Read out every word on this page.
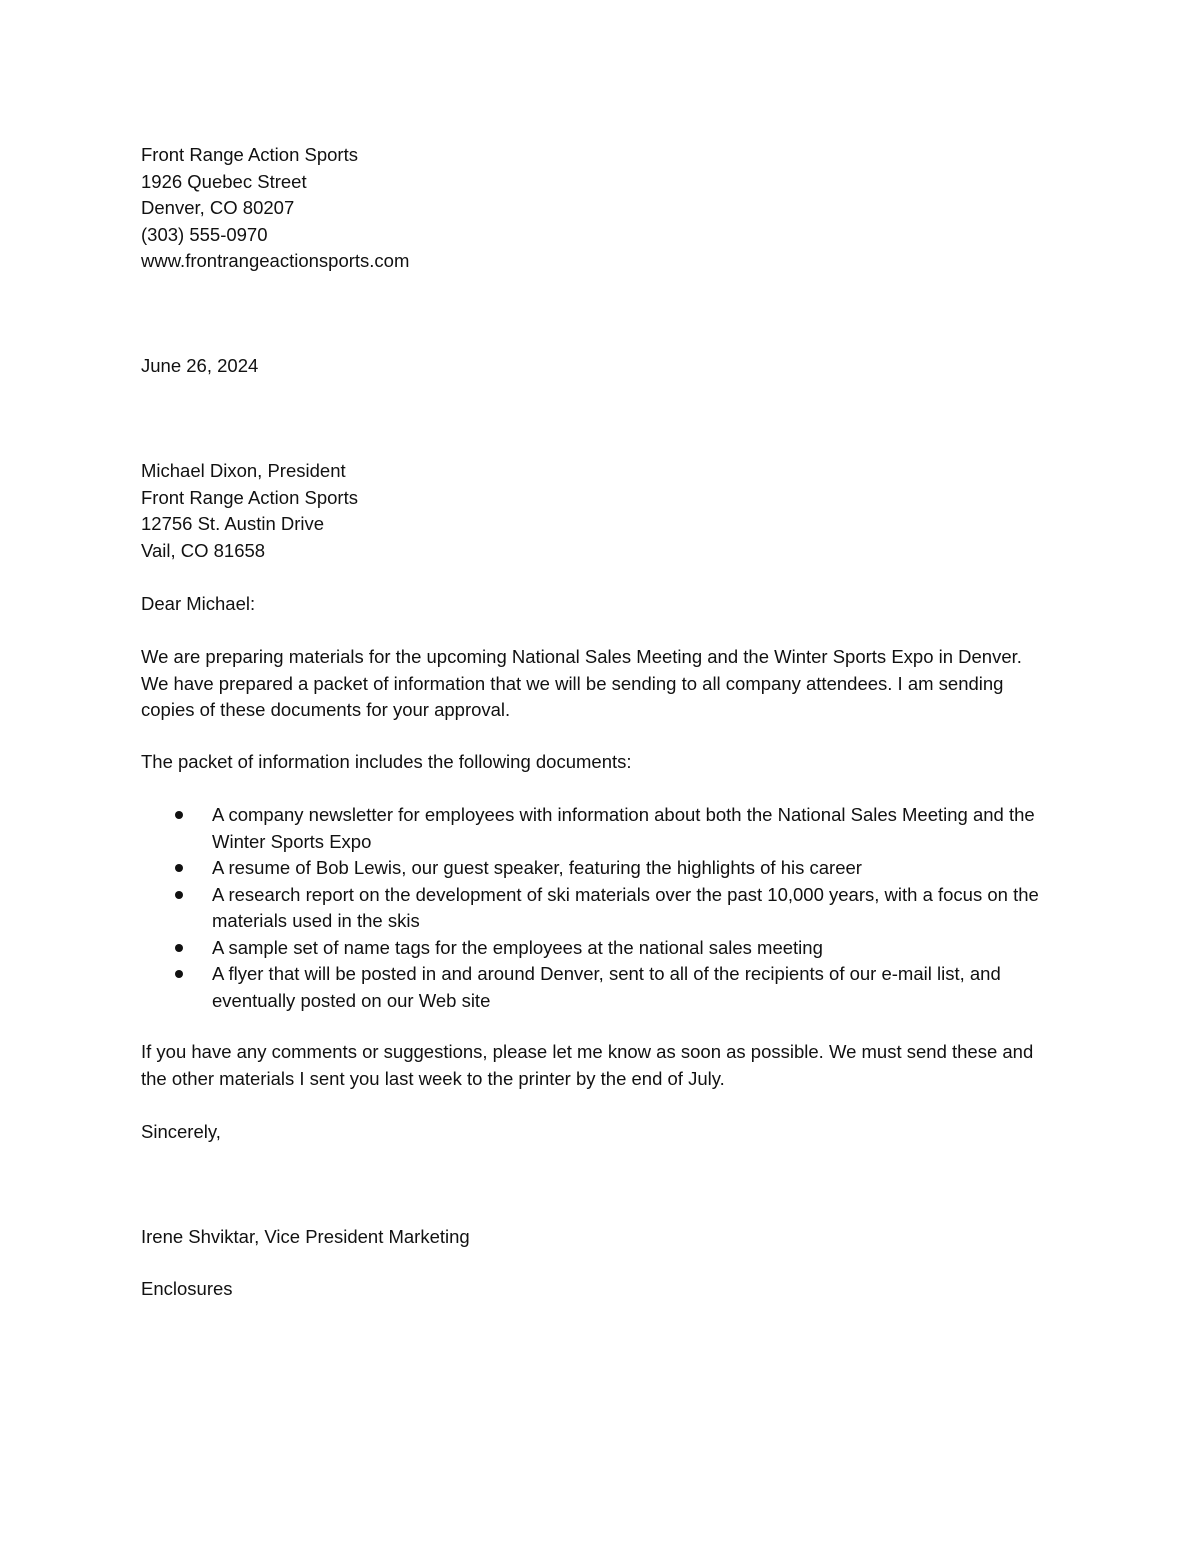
Front Range Action Sports
1926 Quebec Street
Denver, CO 80207
(303) 555-0970
www.frontrangeactionsports.com
June 26, 2024
Michael Dixon, President
Front Range Action Sports
12756 St. Austin Drive
Vail, CO 81658
Dear Michael:

We are preparing materials for the upcoming National Sales Meeting and the Winter Sports Expo in Denver. We have prepared a packet of information that we will be sending to all company attendees. I am sending copies of these documents for your approval.

The packet of information includes the following documents:

A company newsletter for employees with information about both the National Sales Meeting and the Winter Sports Expo
A resume of Bob Lewis, our guest speaker, featuring the highlights of his career
A research report on the development of ski materials over the past 10,000 years, with a focus on the materials used in the skis
A sample set of name tags for the employees at the national sales meeting
A flyer that will be posted in and around Denver, sent to all of the recipients of our e-mail list, and eventually posted on our Web site

If you have any comments or suggestions, please let me know as soon as possible. We must send these and the other materials I sent you last week to the printer by the end of July.

Sincerely,
Irene Shviktar, Vice President Marketing
Enclosures
